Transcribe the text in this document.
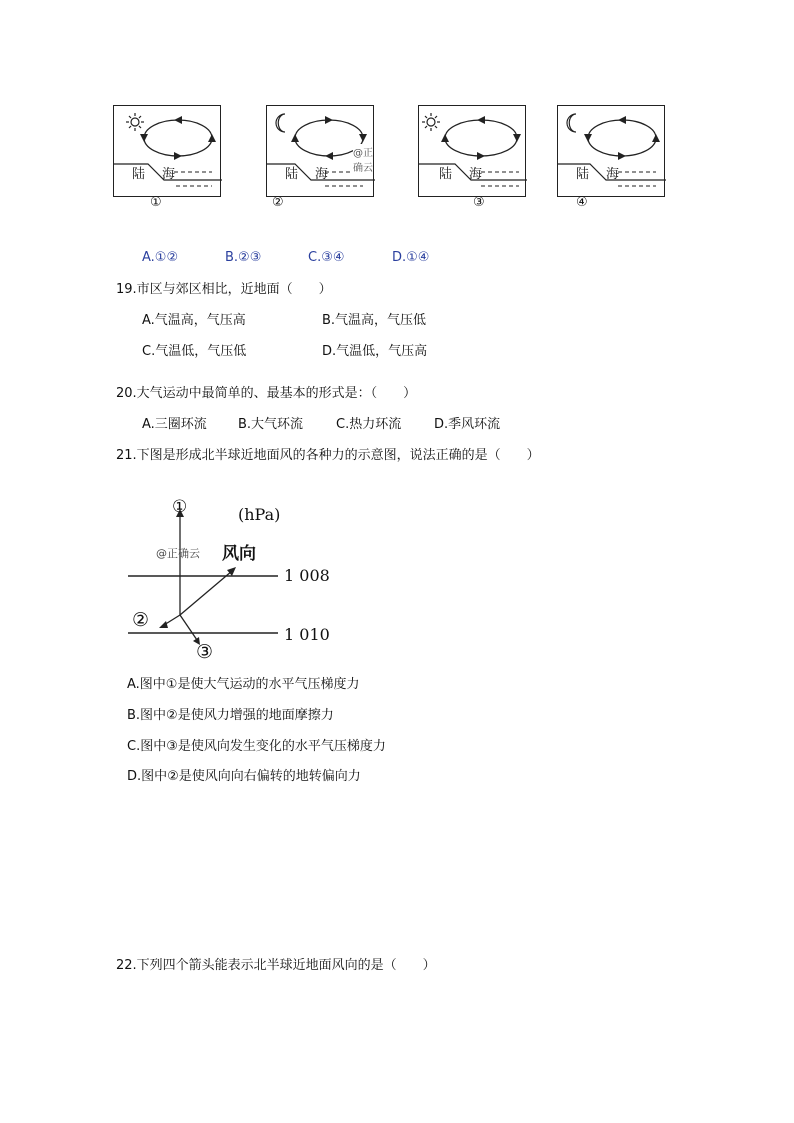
陆 海
①
陆 海
@正确云
②
陆 海
③
陆 海
④
A.①②	B.②③	C.③④	D.①④
19.市区与郊区相比，近地面（　　）
A.气温高，气压高	B.气温高，气压低
C.气温低，气压低	D.气温低，气压高
20.大气运动中最简单的、最基本的形式是：（　　）
A.三圈环流 B.大气环流	C.热力环流	D.季风环流
21.下图是形成北半球近地面风的各种力的示意图，说法正确的是（　　）
①	(hPa)
@正确云 风向
1 008
1 010
②
③
A.图中①是使大气运动的水平气压梯度力
B.图中②是使风力增强的地面摩擦力
C.图中③是使风向发生变化的水平气压梯度力
D.图中②是使风向向右偏转的地转偏向力
22.下列四个箭头能表示北半球近地面风向的是（　　）
